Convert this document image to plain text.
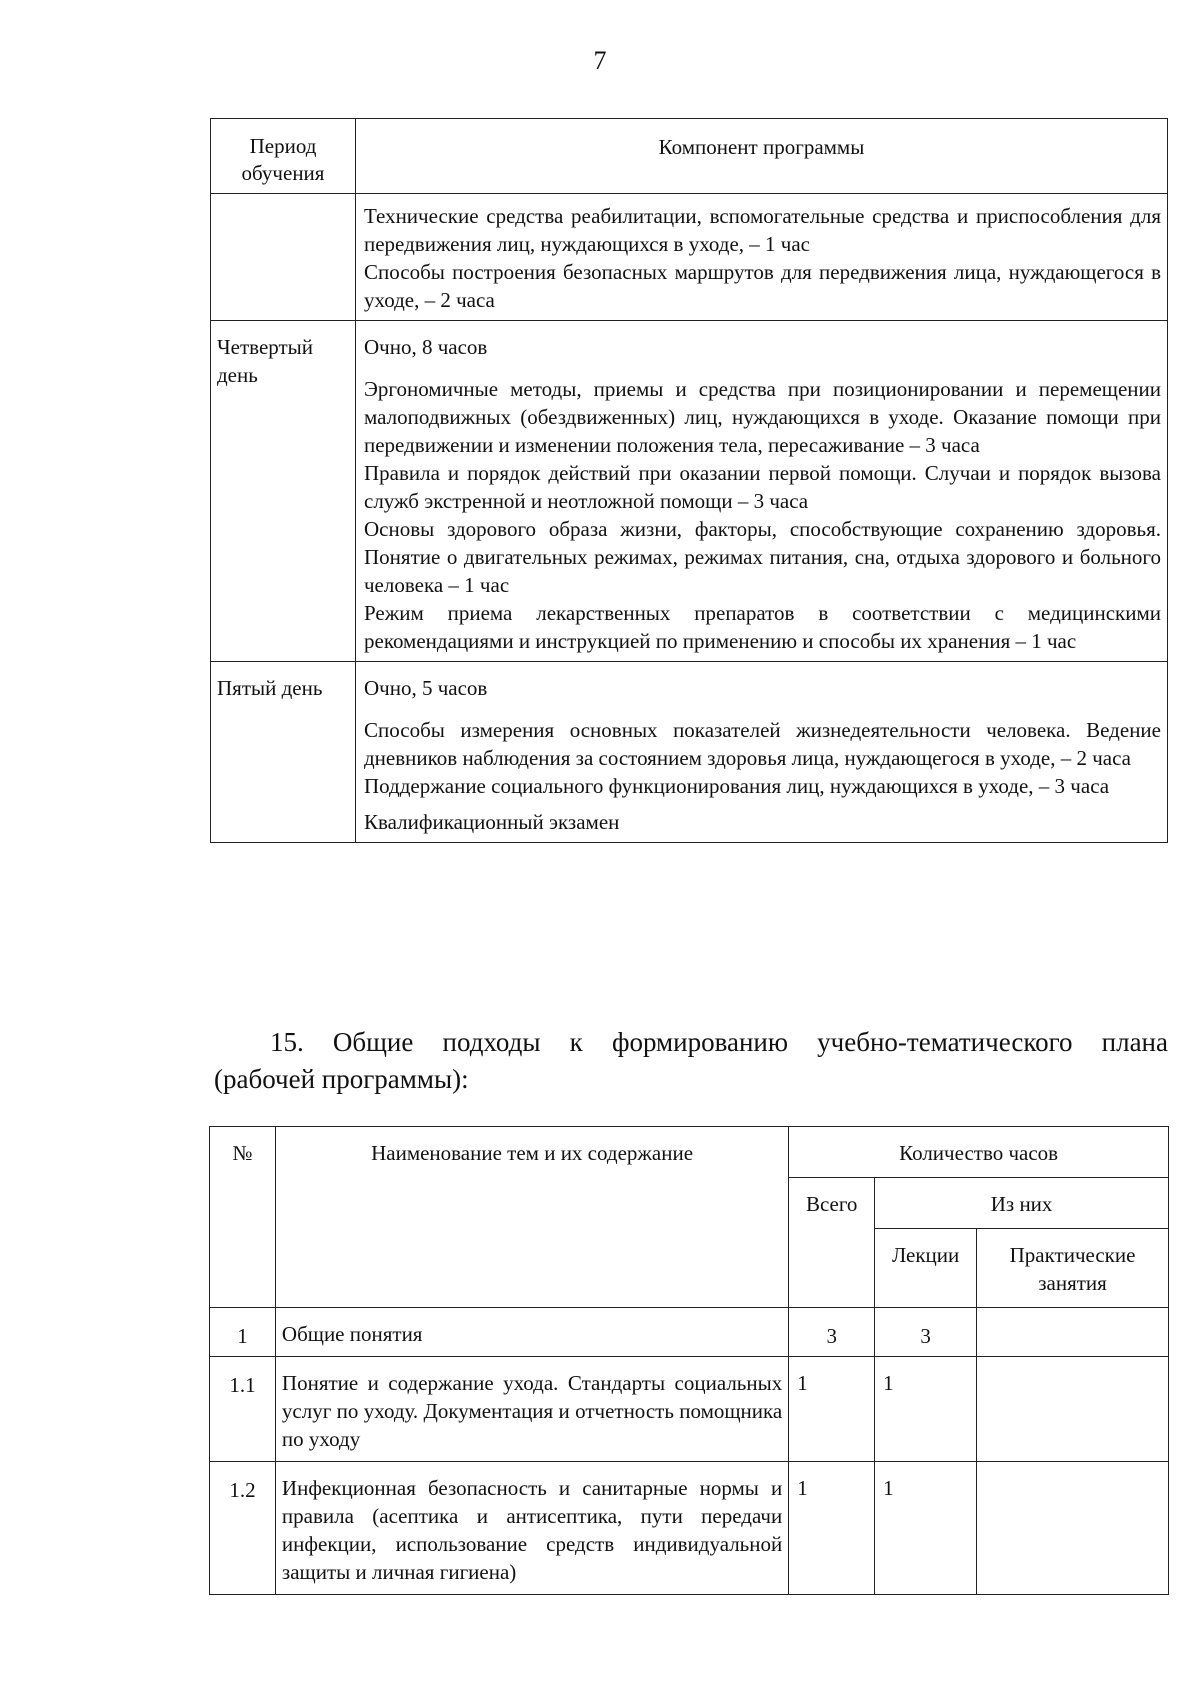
7
Период обучения	Компонент программы

	Технические средства реабилитации, вспомогательные средства и приспособления для передвижения лиц, нуждающихся в уходе, – 1 час

Способы построения безопасных маршрутов для передвижения лица, нуждающегося в уходе, – 2 часа

Четвертый день	Очно, 8 часов

Эргономичные методы, приемы и средства при позиционировании и перемещении малоподвижных (обездвиженных) лиц, нуждающихся в уходе. Оказание помощи при передвижении и изменении положения тела, пересаживание – 3 часа

Правила и порядок действий при оказании первой помощи. Случаи и порядок вызова служб экстренной и неотложной помощи – 3 часа

Основы здорового образа жизни, факторы, способствующие сохранению здоровья. Понятие о двигательных режимах, режимах питания, сна, отдыха здорового и больного человека – 1 час

Режим приема лекарственных препаратов в соответствии с медицинскими рекомендациями и инструкцией по применению и способы их хранения – 1 час

Пятый день	Очно, 5 часов

Способы измерения основных показателей жизнедеятельности человека. Ведение дневников наблюдения за состоянием здоровья лица, нуждающегося в уходе, – 2 часа

Поддержание социального функционирования лиц, нуждающихся в уходе, – 3 часа

Квалификационный экзамен

15. Общие подходы к формированию учебно-тематического плана
(рабочей программы):
№	Наименование тем и их содержание	Количество часов		
		Всего	Из них	
			Лекции	Практические занятия
1	Общие понятия	3	3	
1.1	Понятие и содержание ухода. Стандарты социальных услуг по уходу. Документация и отчетность помощника по уходу	1	1	
1.2	Инфекционная безопасность и санитарные нормы и правила (асептика и антисептика, пути передачи инфекции, использование средств индивидуальной защиты и личная гигиена)	1	1	
